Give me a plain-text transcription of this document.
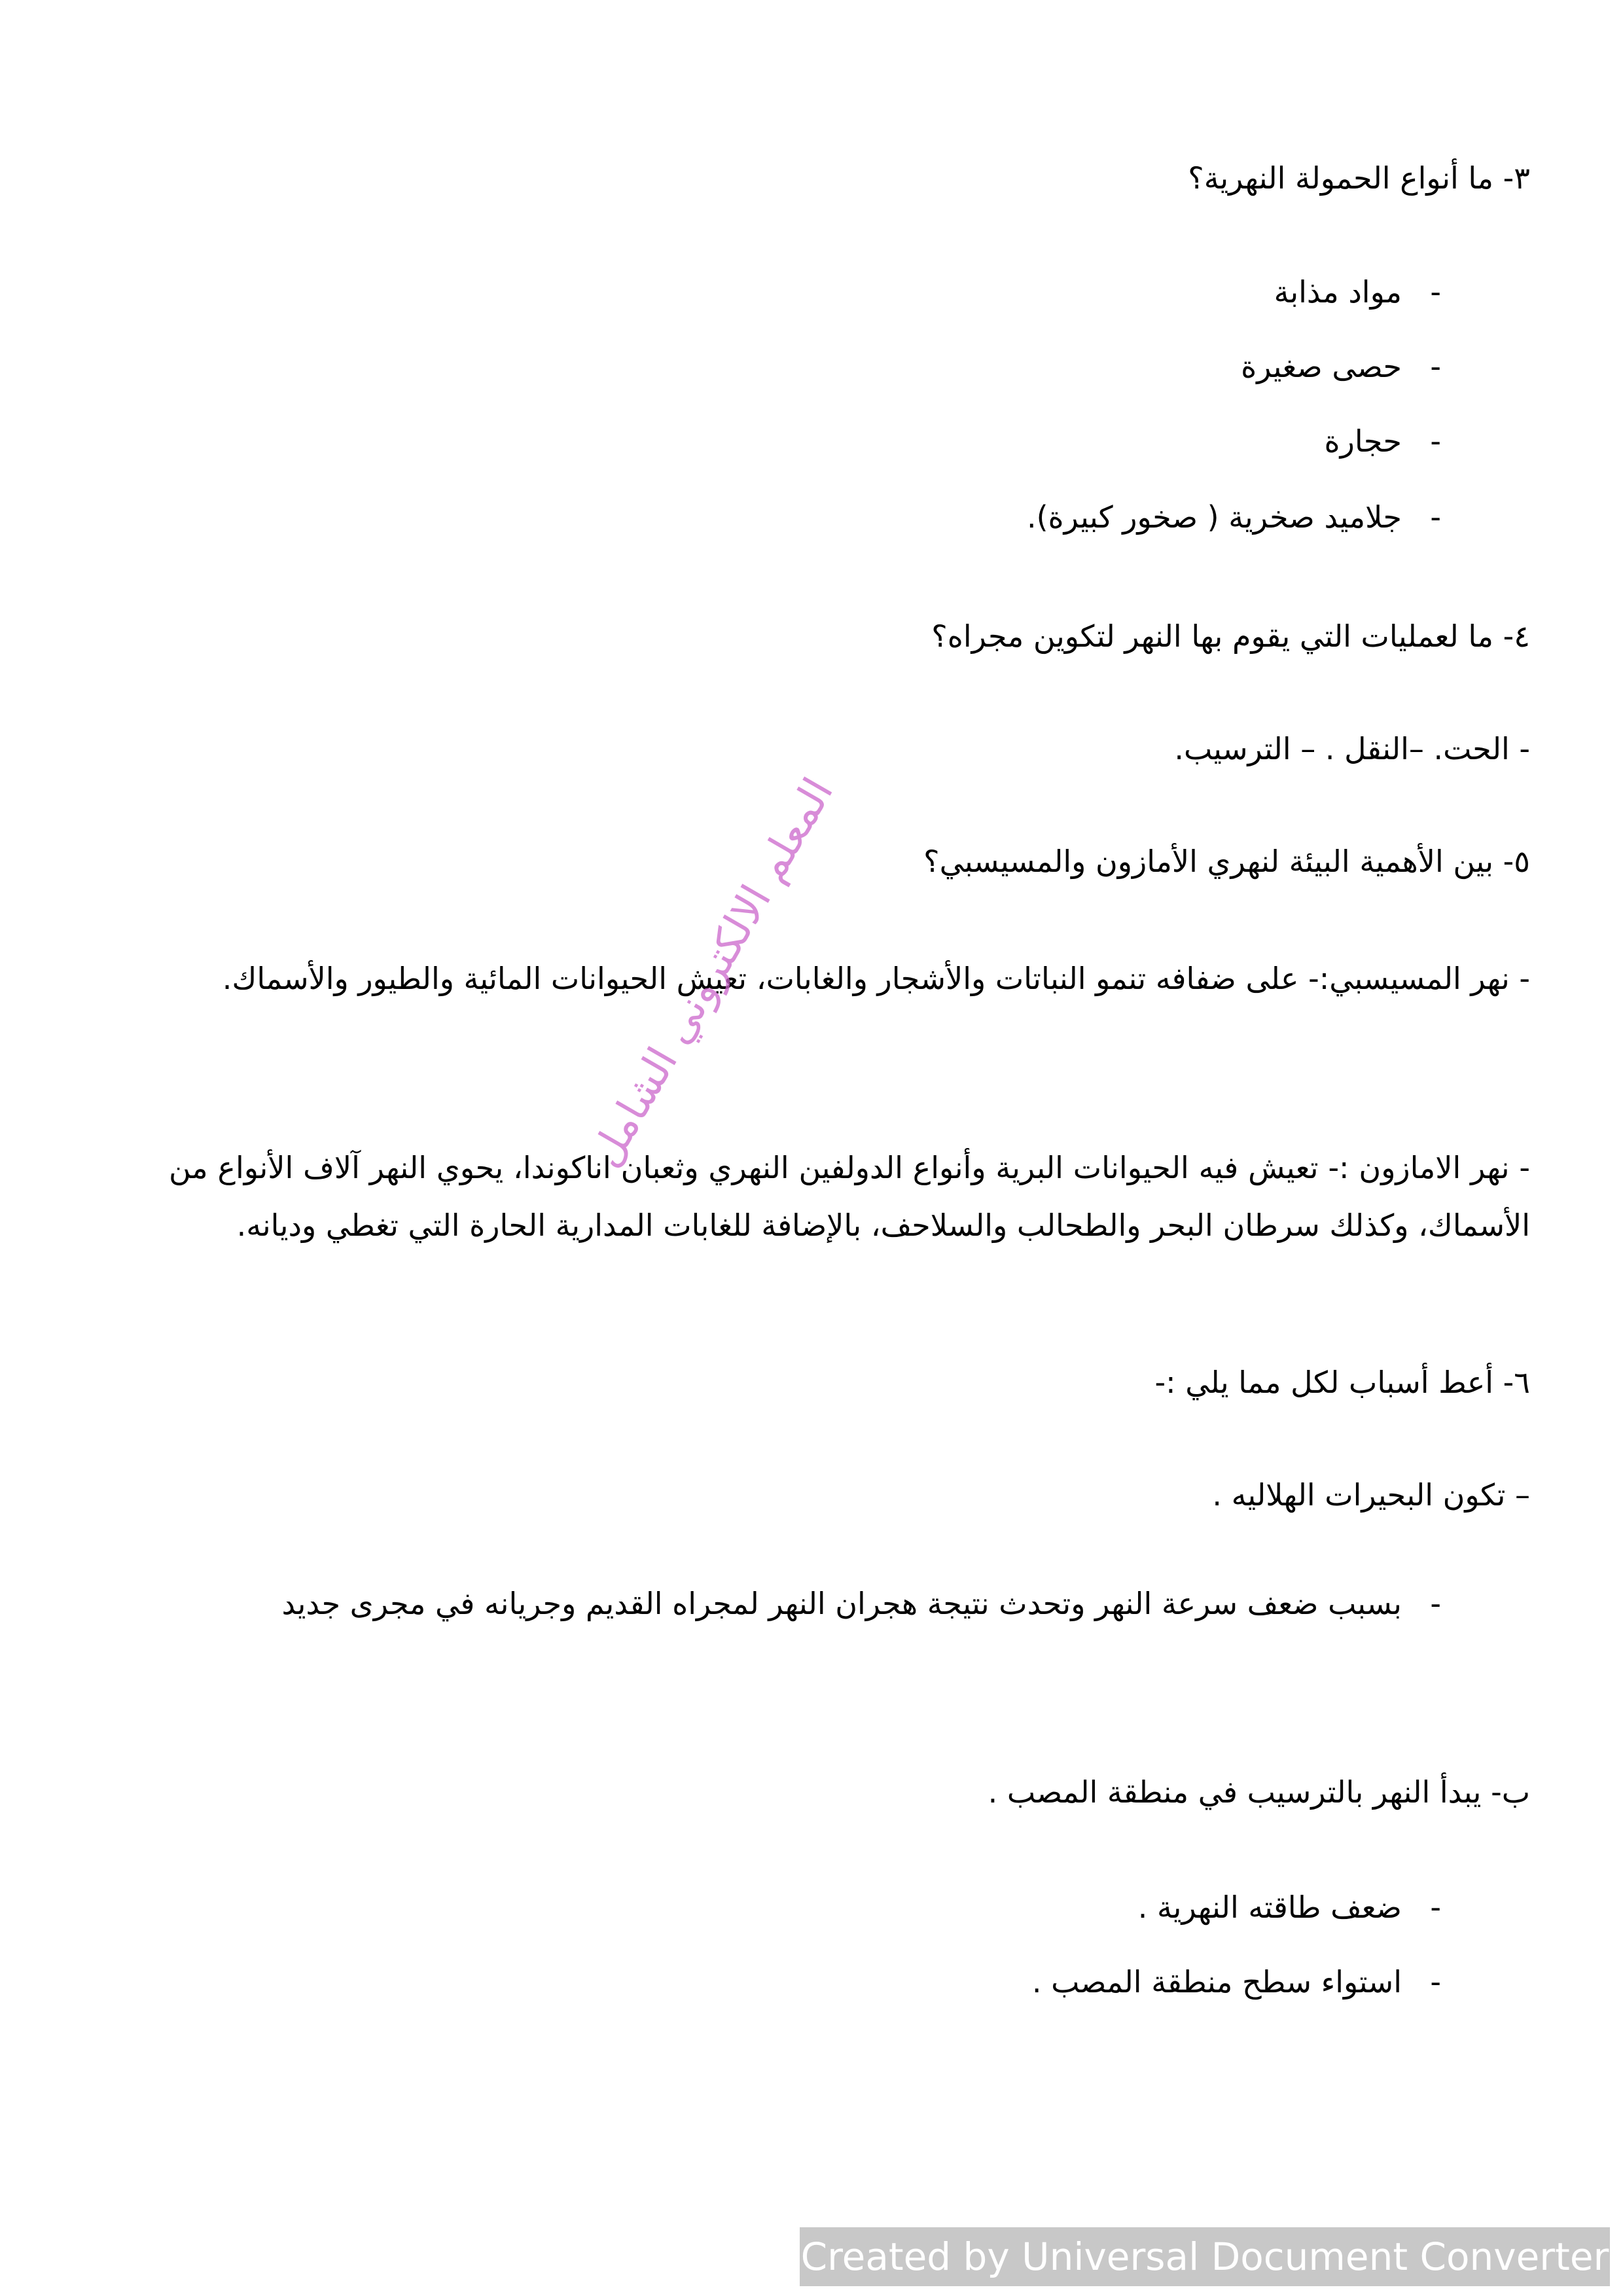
٣- ما أنواع الحمولة النهرية؟
-
مواد مذابة
-
حصى صغيرة
-
حجارة
-
جلاميد صخرية ( صخور كبيرة).
٤- ما لعمليات التي يقوم بها النهر لتكوين مجراه؟
- الحت. –النقل . – الترسيب.
٥- بين الأهمية البيئة لنهري الأمازون والمسيسبي؟
- نهر المسيسبي:- على ضفافه تنمو النباتات والأشجار والغابات، تعيش الحيوانات المائية والطيور والأسماك.
- نهر الامازون :- تعيش فيه الحيوانات البرية وأنواع الدولفين النهري وثعبان اناكوندا، يحوي النهر آلاف الأنواع من الأسماك، وكذلك سرطان البحر والطحالب والسلاحف، بالإضافة للغابات المدارية الحارة التي تغطي وديانه.
٦- أعط أسباب لكل مما يلي :-
– تكون البحيرات الهلاليه .
-
بسبب ضعف سرعة النهر وتحدث نتيجة هجران النهر لمجراه القديم وجريانه في مجرى جديد
ب- يبدأ النهر بالترسيب في منطقة المصب .
-
ضعف طاقته النهرية .
-
استواء سطح منطقة المصب .
المعلم الالكتروني الشامل
Created by Universal Document Converter
